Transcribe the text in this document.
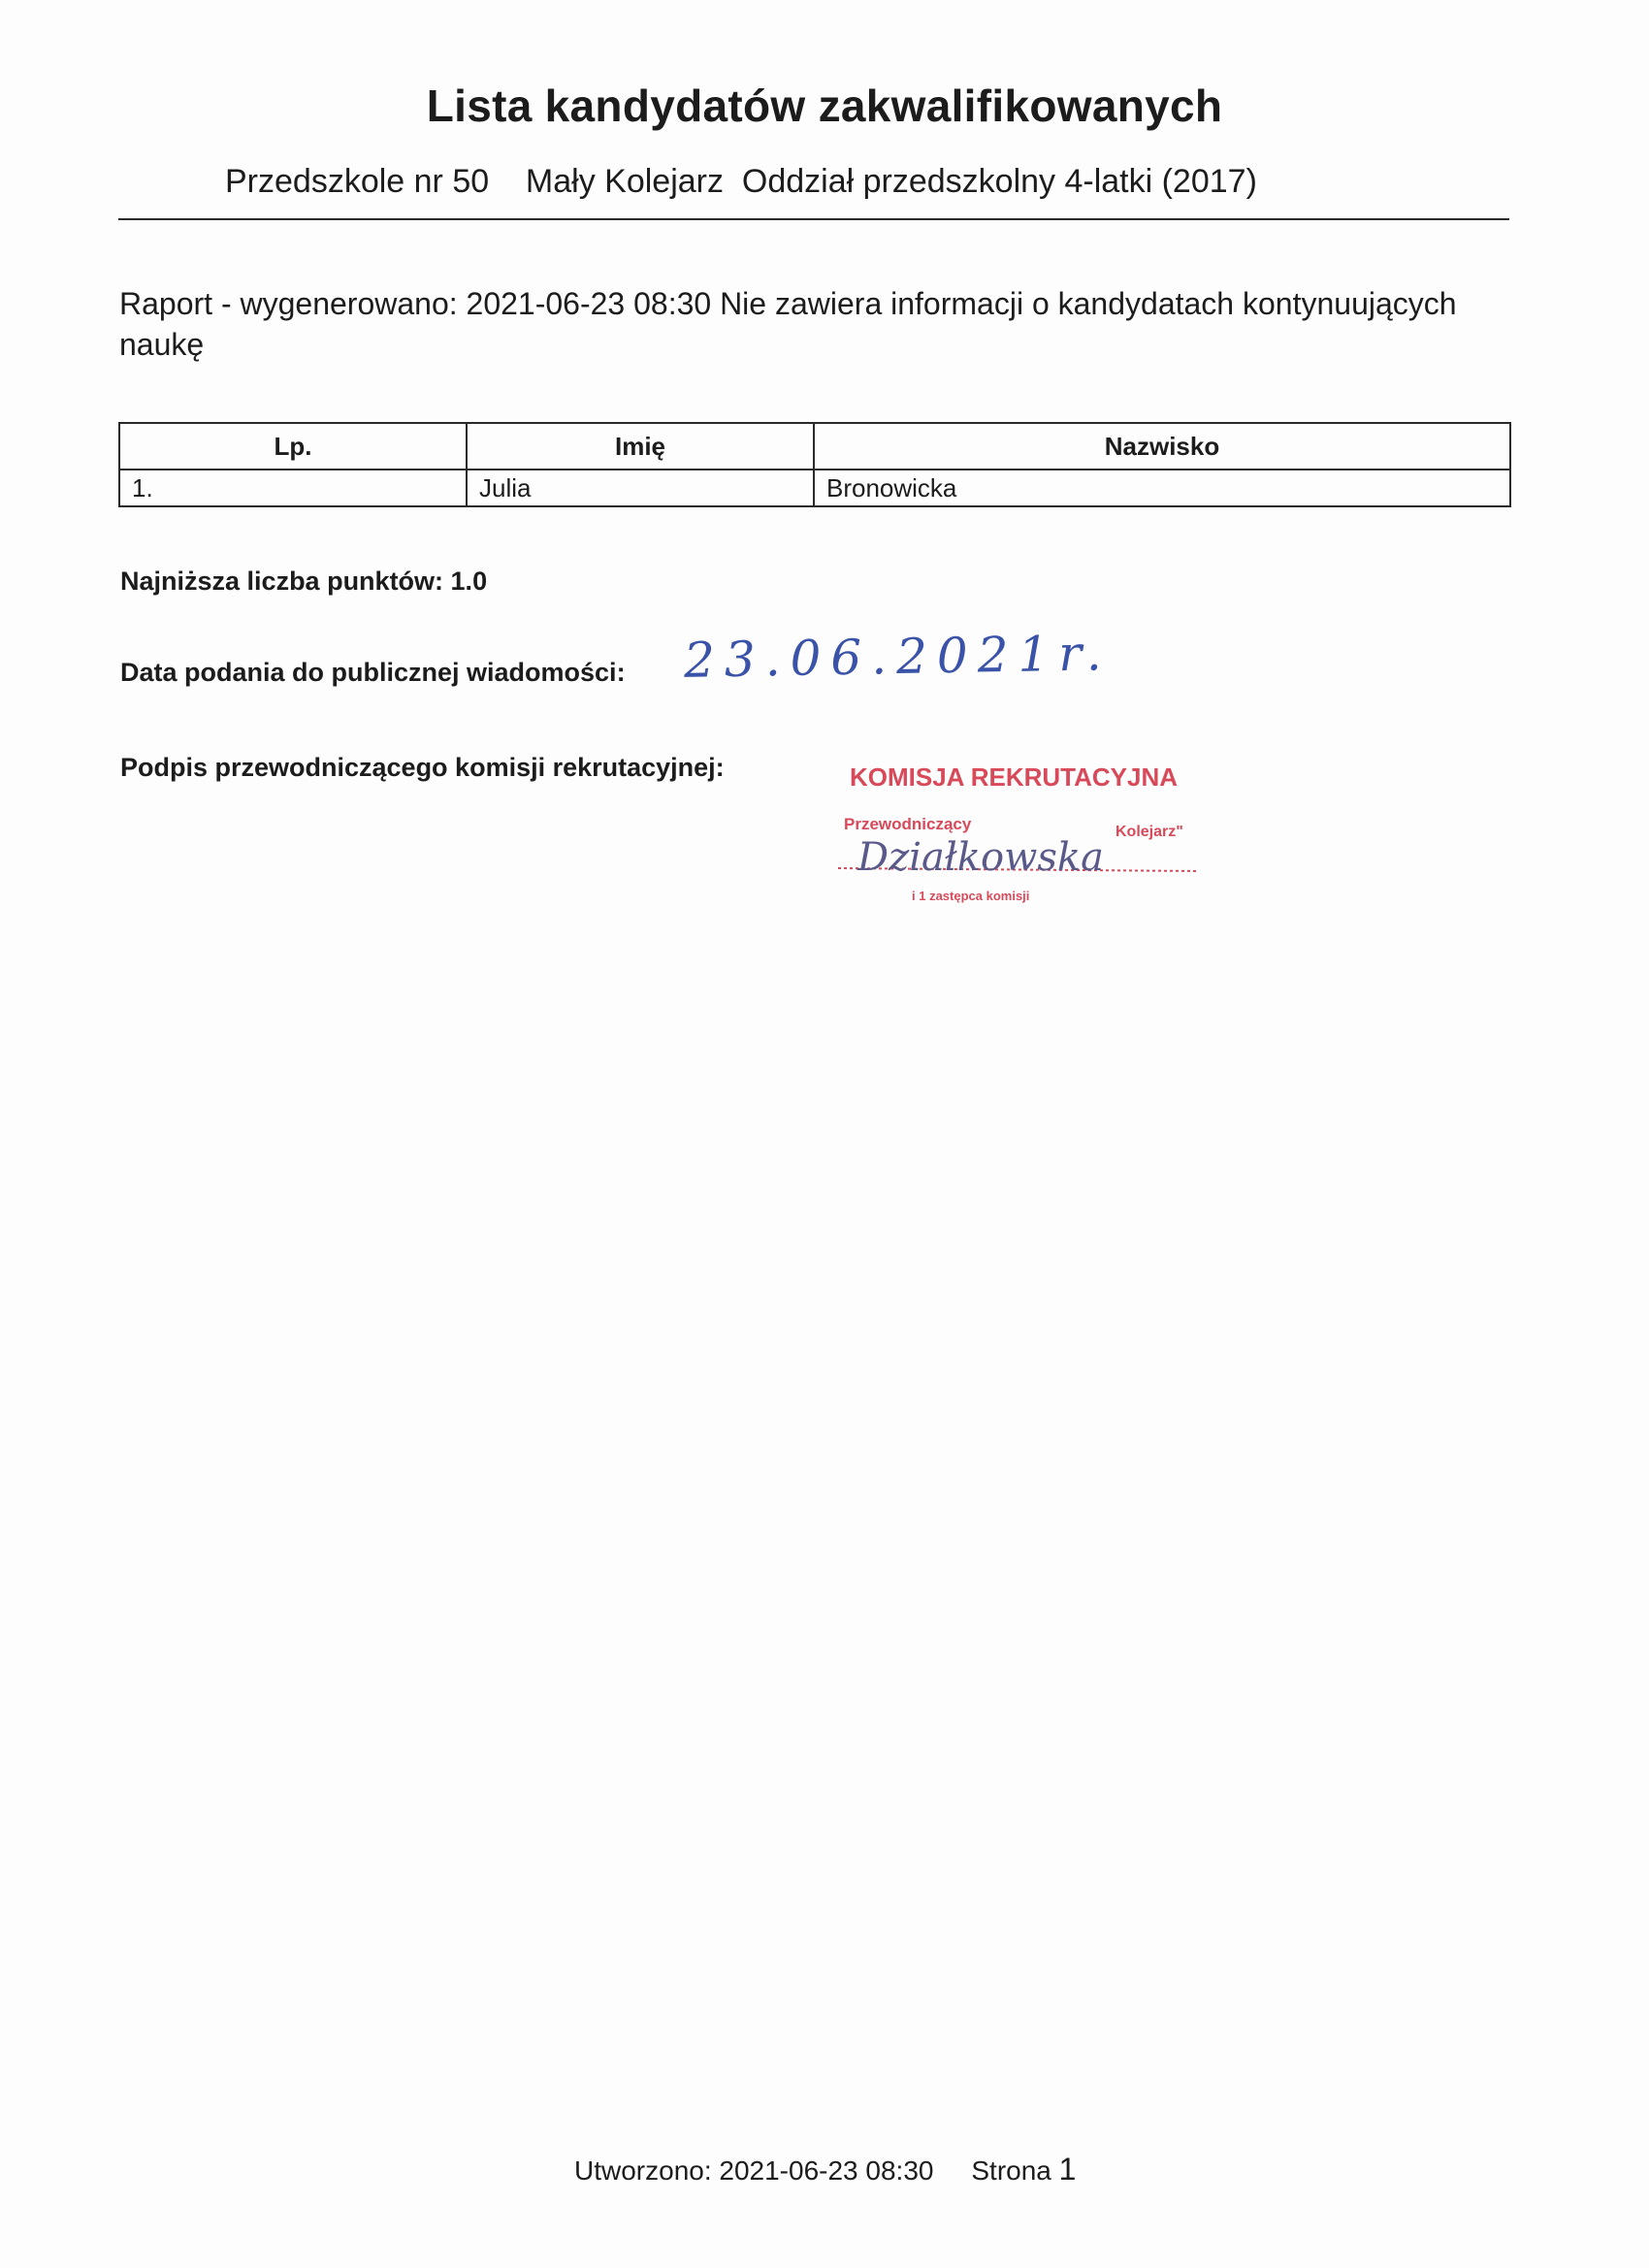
Lista kandydatów zakwalifikowanych
Przedszkole nr 50    Mały Kolejarz  Oddział przedszkolny 4-latki (2017)
Raport - wygenerowano: 2021-06-23 08:30 Nie zawiera informacji o kandydatach kontynuujących naukę
Lp.	Imię	Nazwisko
1.	Julia	Bronowicka
Najniższa liczba punktów: 1.0
Data podania do publicznej wiadomości: 23.06.2021r.
Podpis przewodniczącego komisji rekrutacyjnej:	KOMISJA REKRUTACYJNA
Przewodniczący	Kolejarz"
Działkowska
i 1 zastępca komisji
Utworzono: 2021-06-23 08:30 Strona 1
